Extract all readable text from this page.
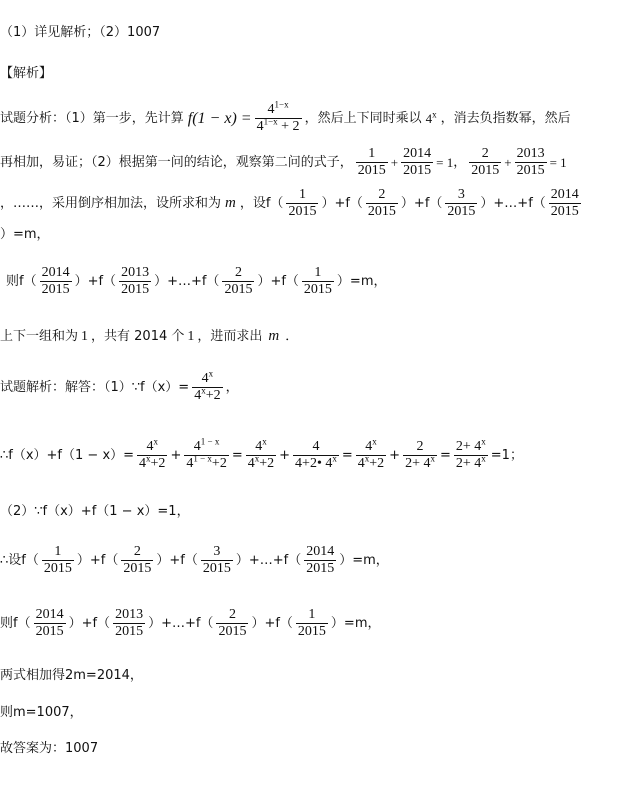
（1）详见解析；（2）1007
【解析】
试题分析：（1）第一步，先计算 $f(1 - x) = \frac{4^{1-x}}{4^{1-x} + 2}$ ，然后上下同时乘以 4$^x$ ，消去负指数幂，然后
再相加，易证；（2）根据第一问的结论，观察第二问的式子， $\frac{1}{2015} + \frac{2014}{2015} = 1$ ， $\frac{2}{2015} + \frac{2013}{2015} = 1$
，……，采用倒序相加法，设所求和为 m ，设$f( \frac{1}{2015} )+f( \frac{2}{2015} )+f( \frac{3}{2015}$ ）+…+f（ $\frac{2014}{2015}$
）=m，
则$f( \frac{2014}{2015} )+f( \frac{2013}{2015}$ ）+…+f（ $\frac{2}{2015} )+f( \frac{1}{2015} )=m$，
上下一组和为 1 ，共有 2014 个 1 ，进而求出 m ．
试题解析：解答：（1）∵f（x）= $\frac{4^x}{4^x+2}$ ，
∴f（x）+f（1 − $x)= \frac{4^x}{4^x+2} + \frac{4^{1 - x}}{4^{1 - x}+2} = \frac{4^x}{4^x+2} + \frac{4}{4+2• 4^x} = \frac{4^x}{4^x+2} + \frac{2}{2+ 4^x} = \frac{2+ 4^x}{2+ 4^x} =1$；
（2）∵f（x）+f（1 − x）=1，
∴设$f( \frac{1}{2015} )+f( \frac{2}{2015} )+f( \frac{3}{2015}$ ）+…+f（ $\frac{2014}{2015} )=m$，
则$f( \frac{2014}{2015} )+f( \frac{2013}{2015}$ ）+…+f（ $\frac{2}{2015} )+f( \frac{1}{2015} )=m$，
两式相加得2m=2014，
则m=1007，
故答案为：1007
